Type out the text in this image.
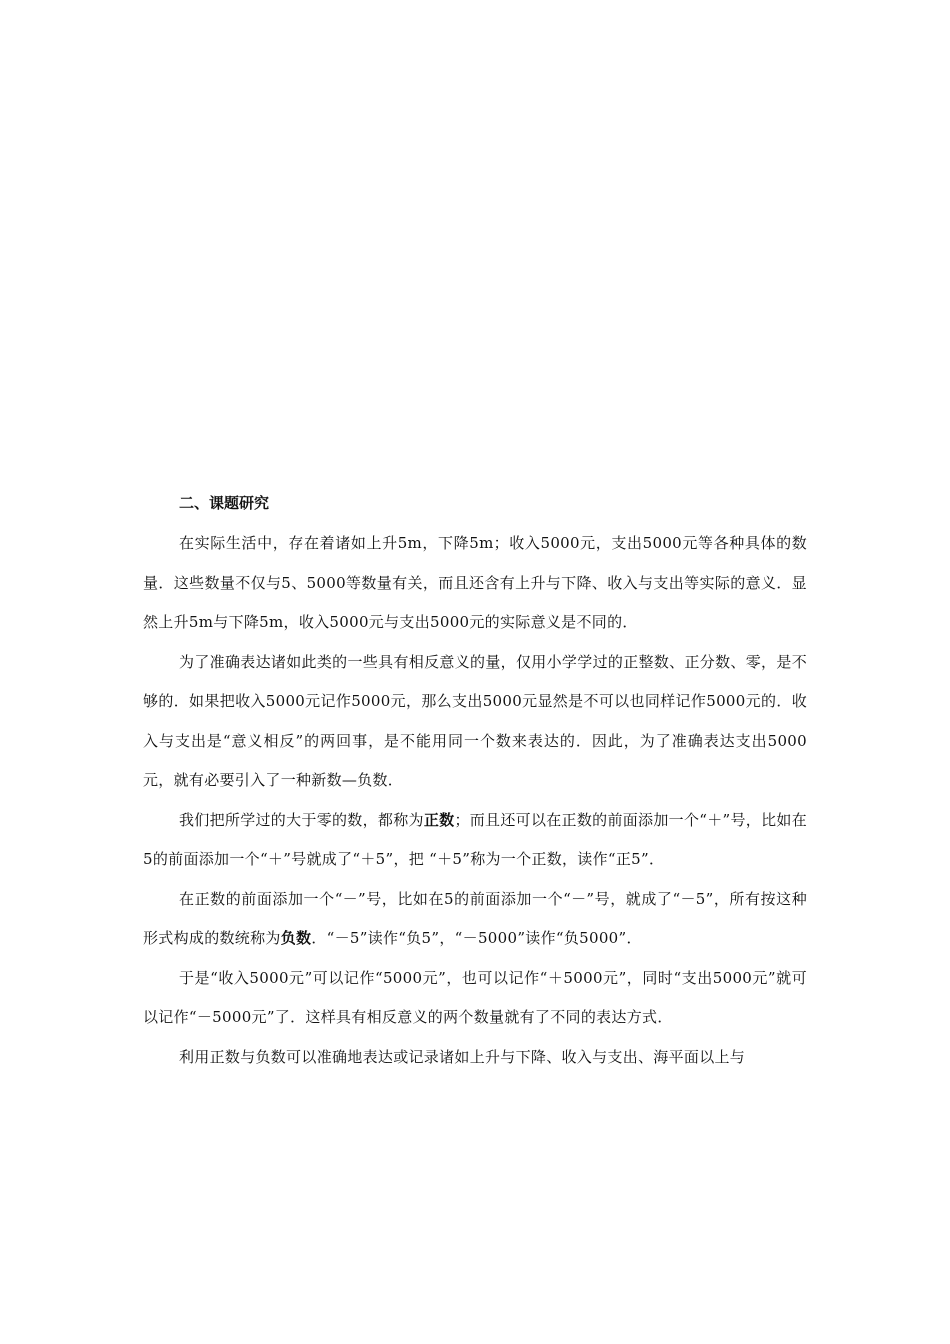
二、课题研究

在实际生活中，存在着诸如上升5m，下降5m；收入5000元，支出5000元等各种具体的数量．这些数量不仅与5、5000等数量有关，而且还含有上升与下降、收入与支出等实际的意义．显然上升5m与下降5m，收入5000元与支出5000元的实际意义是不同的．

为了准确表达诸如此类的一些具有相反意义的量，仅用小学学过的正整数、正分数、零，是不够的．如果把收入5000元记作5000元，那么支出5000元显然是不可以也同样记作5000元的．收入与支出是“意义相反”的两回事，是不能用同一个数来表达的．因此，为了准确表达支出5000元，就有必要引入了一种新数—负数．

我们把所学过的大于零的数，都称为正数；而且还可以在正数的前面添加一个“＋”号，比如在5的前面添加一个“＋”号就成了“＋5”，把 “＋5”称为一个正数，读作“正5”．

在正数的前面添加一个“－”号，比如在5的前面添加一个“－”号，就成了“－5”，所有按这种形式构成的数统称为负数．“－5”读作“负5”，“－5000”读作“负5000”．

于是“收入5000元”可以记作“5000元”，也可以记作“＋5000元”，同时“支出5000元”就可以记作“－5000元”了．这样具有相反意义的两个数量就有了不同的表达方式．

利用正数与负数可以准确地表达或记录诸如上升与下降、收入与支出、海平面以上与
